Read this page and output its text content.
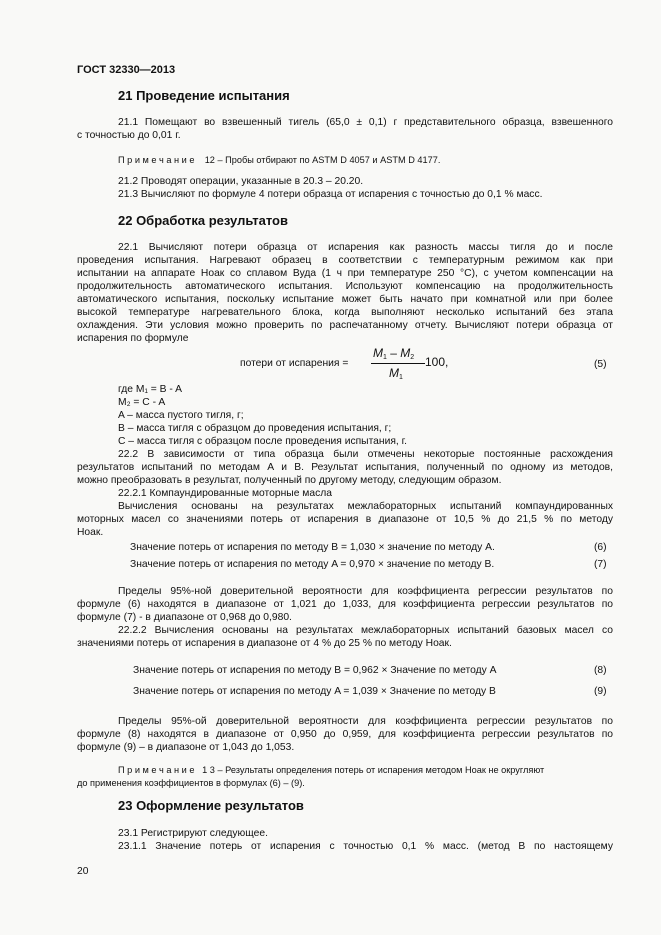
ГОСТ 32330—2013
21 Проведение испытания
21.1 Помещают во взвешенный тигель (65,0 ± 0,1) г представительного образца, взвешенного
с точностью до 0,01 г.
П р и м е ч а н и е 12 – Пробы отбирают по ASTM D 4057 и ASTM D 4177.
21.2 Проводят операции, указанные в 20.3 – 20.20.
21.3 Вычисляют по формуле 4 потери образца от испарения с точностью до 0,1 % масс.
22 Обработка результатов
22.1 Вычисляют потери образца от испарения как разность массы тигля до и после
проведения испытания. Нагревают образец в соответствии с температурным режимом как при
испытании на аппарате Ноак со сплавом Вуда (1 ч при температуре 250 °С), с учетом компенсации на
продолжительность автоматического испытания. Используют компенсацию на продолжительность
автоматического испытания, поскольку испытание может быть начато при комнатной или при более
высокой температуре нагревательного блока, когда выполняют несколько испытаний без этапа
охлаждения. Эти условия можно проверить по распечатанному отчету. Вычисляют потери образца от
испарения по формуле
потери от испарения =
$M_1 - M_2$ 100,
$M_1$
(5)
где M₁ = B - A
M₂ = C - A
A – масса пустого тигля, г;
B – масса тигля с образцом до проведения испытания, г;
C – масса тигля с образцом после проведения испытания, г.
22.2 В зависимости от типа образца были отмечены некоторые постоянные расхождения
результатов испытаний по методам А и В. Результат испытания, полученный по одному из методов,
можно преобразовать в результат, полученный по другому методу, следующим образом.
22.2.1 Компаундированные моторные масла
Вычисления основаны на результатах межлабораторных испытаний компаундированных
моторных масел со значениями потерь от испарения в диапазоне от 10,5 % до 21,5 % по методу
Ноак.
Значение потерь от испарения по методу B = 1,030 × значение по методу A.	(6)
Значение потерь от испарения по методу A = 0,970 × значение по методу B.	(7)
Пределы 95%-ной доверительной вероятности для коэффициента регрессии результатов по
формуле (6) находятся в диапазоне от 1,021 до 1,033, для коэффициента регрессии результатов по
формуле (7) - в диапазоне от 0,968 до 0,980.
22.2.2 Вычисления основаны на результатах межлабораторных испытаний базовых масел со
значениями потерь от испарения в диапазоне от 4 % до 25 % по методу Ноак.
Значение потерь от испарения по методу B = 0,962 × Значение по методу A	(8)
Значение потерь от испарения по методу A = 1,039 × Значение по методу B	(9)
Пределы 95%-ой доверительной вероятности для коэффициента регрессии результатов по
формуле (8) находятся в диапазоне от 0,950 до 0,959, для коэффициента регрессии результатов по
формуле (9) – в диапазоне от 1,043 до 1,053.
П р и м е ч а н и е 1 3 – Результаты определения потерь от испарения методом Ноак не округляют
до применения коэффициентов в формулах (6) – (9).
23 Оформление результатов
23.1 Регистрируют следующее.
23.1.1 Значение потерь от испарения с точностью 0,1 % масс. (метод В по настоящему
20
